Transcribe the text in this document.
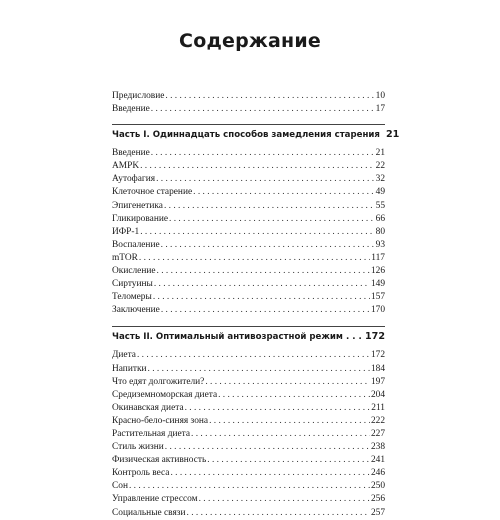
Содержание
Предисловие . . .	10
Введение . . .	17
Часть I. Одиннадцать способов замедления старения 21
Введение . . .	21
AMPK . . .	22
Аутофагия . . .	32
Клеточное старение . . .	49
Эпигенетика . . .	55
Гликирование . . .	66
ИФР-1 . . .	80
Воспаление . . .	93
mTOR . . .	117
Окисление . . .	126
Сиртуины . . .	149
Теломеры . . .	157
Заключение . . .	170
Часть II. Оптимальный антивозрастной режим . . . 172
Диета . . .	172
Напитки . . .	184
Что едят долгожители? . . .	197
Средиземноморская диета . . .	204
Окинавская диета . . .	211
Красно-бело-синяя зона . . .	222
Растительная диета . . .	227
Стиль жизни . . .	238
Физическая активность . . .	241
Контроль веса . . .	246
Сон . . .	250
Управление стрессом . . .	256
Социальные связи . . .	257
